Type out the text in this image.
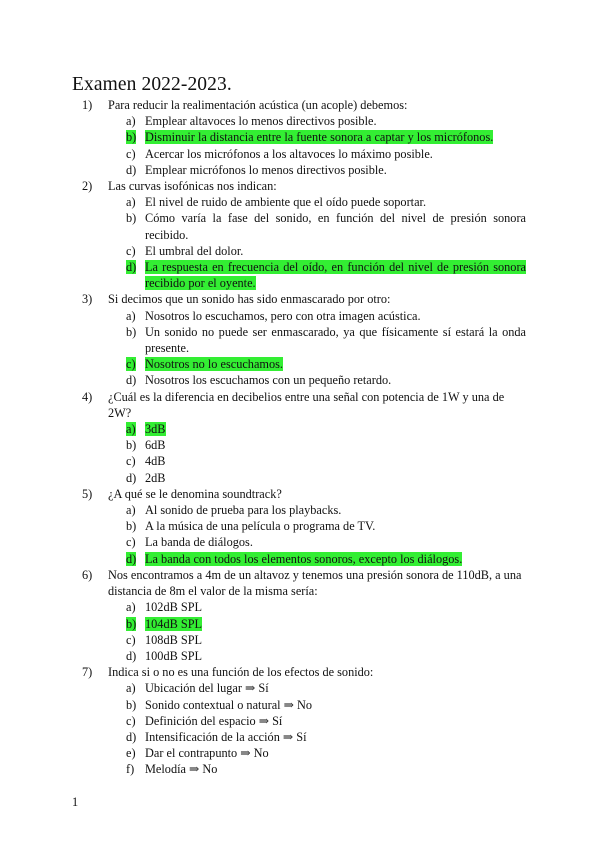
Examen 2022-2023.
1)	Para reducir la realimentación acústica (un acople) debemos:
a) Emplear altavoces lo menos directivos posible.
b) Disminuir la distancia entre la fuente sonora a captar y los micrófonos.
c) Acercar los micrófonos a los altavoces lo máximo posible.
d) Emplear micrófonos lo menos directivos posible.
2)	Las curvas isofónicas nos indican:
a) El nivel de ruido de ambiente que el oído puede soportar.
b) Cómo varía la fase del sonido, en función del nivel de presión sonora recibido.
c) El umbral del dolor.
d) La respuesta en frecuencia del oído, en función del nivel de presión sonora recibido por el oyente.
3)	Si decimos que un sonido has sido enmascarado por otro:
a) Nosotros lo escuchamos, pero con otra imagen acústica.
b) Un sonido no puede ser enmascarado, ya que físicamente sí estará la onda presente.
c) Nosotros no lo escuchamos.
d) Nosotros los escuchamos con un pequeño retardo.
4)	¿Cuál es la diferencia en decibelios entre una señal con potencia de 1W y una de 2W?
a) 3dB
b) 6dB
c) 4dB
d) 2dB
5)	¿A qué se le denomina soundtrack?
a) Al sonido de prueba para los playbacks.
b) A la música de una película o programa de TV.
c) La banda de diálogos.
d) La banda con todos los elementos sonoros, excepto los diálogos.
6)	Nos encontramos a 4m de un altavoz y tenemos una presión sonora de 110dB, a una
distancia de 8m el valor de la misma sería:
a) 102dB SPL
b) 104dB SPL
c) 108dB SPL
d) 100dB SPL
7)	Indica si o no es una función de los efectos de sonido:
a) Ubicación del lugar ⇒ Sí
b) Sonido contextual o natural ⇒ No
c) Definición del espacio ⇒ Sí
d) Intensificación de la acción ⇒ Sí
e) Dar el contrapunto ⇒ No
f) Melodía ⇒ No
1
